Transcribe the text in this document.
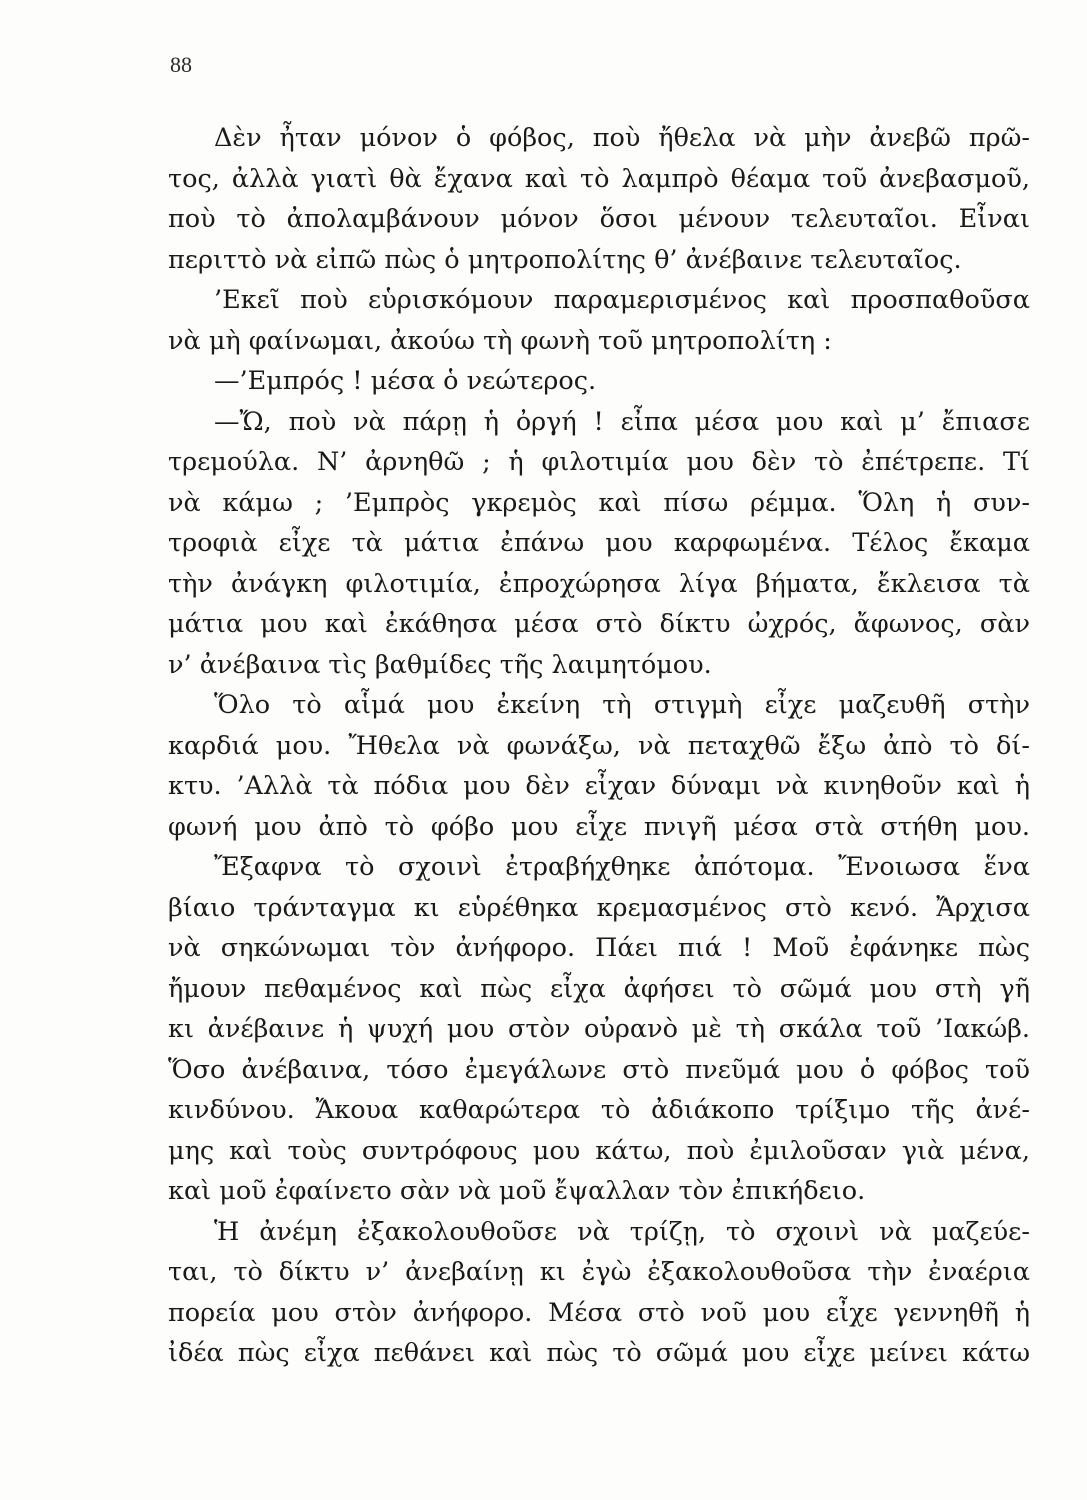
88
Δὲν ἦταν μόνον ὁ φόβος, ποὺ ἤθελα νὰ μὴν ἀνεβῶ πρῶ-
τος, ἀλλὰ γιατὶ θὰ ἔχανα καὶ τὸ λαμπρὸ θέαμα τοῦ ἀνεβασμοῦ,
ποὺ τὸ ἀπολαμβάνουν μόνον ὅσοι μένουν τελευταῖοι. Εἶναι
περιττὸ νὰ εἰπῶ πὼς ὁ μητροπολίτης θ’ ἀνέβαινε τελευταῖος.
’Εκεῖ ποὺ εὑρισκόμουν παραμερισμένος καὶ προσπαθοῦσα
νὰ μὴ φαίνωμαι, ἀκούω τὴ φωνὴ τοῦ μητροπολίτη :
—’Εμπρός ! μέσα ὁ νεώτερος.
—Ὤ, ποὺ νὰ πάρῃ ἡ ὀργή ! εἶπα μέσα μου καὶ μ’ ἔπιασε
τρεμούλα. Ν’ ἀρνηθῶ ; ἡ φιλοτιμία μου δὲν τὸ ἐπέτρεπε. Τί
νὰ κάμω ; ’Εμπρὸς γκρεμὸς καὶ πίσω ρέμμα. Ὅλη ἡ συν-
τροφιὰ εἶχε τὰ μάτια ἐπάνω μου καρφωμένα. Τέλος ἔκαμα
τὴν ἀνάγκη φιλοτιμία, ἐπροχώρησα λίγα βήματα, ἔκλεισα τὰ
μάτια μου καὶ ἐκάθησα μέσα στὸ δίκτυ ὠχρός, ἄφωνος, σὰν
ν’ ἀνέβαινα τὶς βαθμίδες τῆς λαιμητόμου.
Ὅλο τὸ αἷμά μου ἐκείνη τὴ στιγμὴ εἶχε μαζευθῆ στὴν
καρδιά μου. Ἤθελα νὰ φωνάξω, νὰ πεταχθῶ ἔξω ἀπὸ τὸ δί-
κτυ. ’Αλλὰ τὰ πόδια μου δὲν εἶχαν δύναμι νὰ κινηθοῦν καὶ ἡ
φωνή μου ἀπὸ τὸ φόβο μου εἶχε πνιγῆ μέσα στὰ στήθη μου.
Ἔξαφνα τὸ σχοινὶ ἐτραβήχθηκε ἀπότομα. Ἔνοιωσα ἕνα
βίαιο τράνταγμα κι εὑρέθηκα κρεμασμένος στὸ κενό. Ἄρχισα
νὰ σηκώνωμαι τὸν ἀνήφορο. Πάει πιά ! Μοῦ ἐφάνηκε πὼς
ἤμουν πεθαμένος καὶ πὼς εἶχα ἀφήσει τὸ σῶμά μου στὴ γῆ
κι ἀνέβαινε ἡ ψυχή μου στὸν οὐρανὸ μὲ τὴ σκάλα τοῦ ’Ιακώβ.
Ὅσο ἀνέβαινα, τόσο ἐμεγάλωνε στὸ πνεῦμά μου ὁ φόβος τοῦ
κινδύνου. Ἄκουα καθαρώτερα τὸ ἀδιάκοπο τρίξιμο τῆς ἀνέ-
μης καὶ τοὺς συντρόφους μου κάτω, ποὺ ἐμιλοῦσαν γιὰ μένα,
καὶ μοῦ ἐφαίνετο σὰν νὰ μοῦ ἔψαλλαν τὸν ἐπικήδειο.
Ἡ ἀνέμη ἐξακολουθοῦσε νὰ τρίζῃ, τὸ σχοινὶ νὰ μαζεύε-
ται, τὸ δίκτυ ν’ ἀνεβαίνῃ κι ἐγὼ ἐξακολουθοῦσα τὴν ἐναέρια
πορεία μου στὸν ἀνήφορο. Μέσα στὸ νοῦ μου εἶχε γεννηθῆ ἡ
ἰδέα πὼς εἶχα πεθάνει καὶ πὼς τὸ σῶμά μου εἶχε μείνει κάτω
